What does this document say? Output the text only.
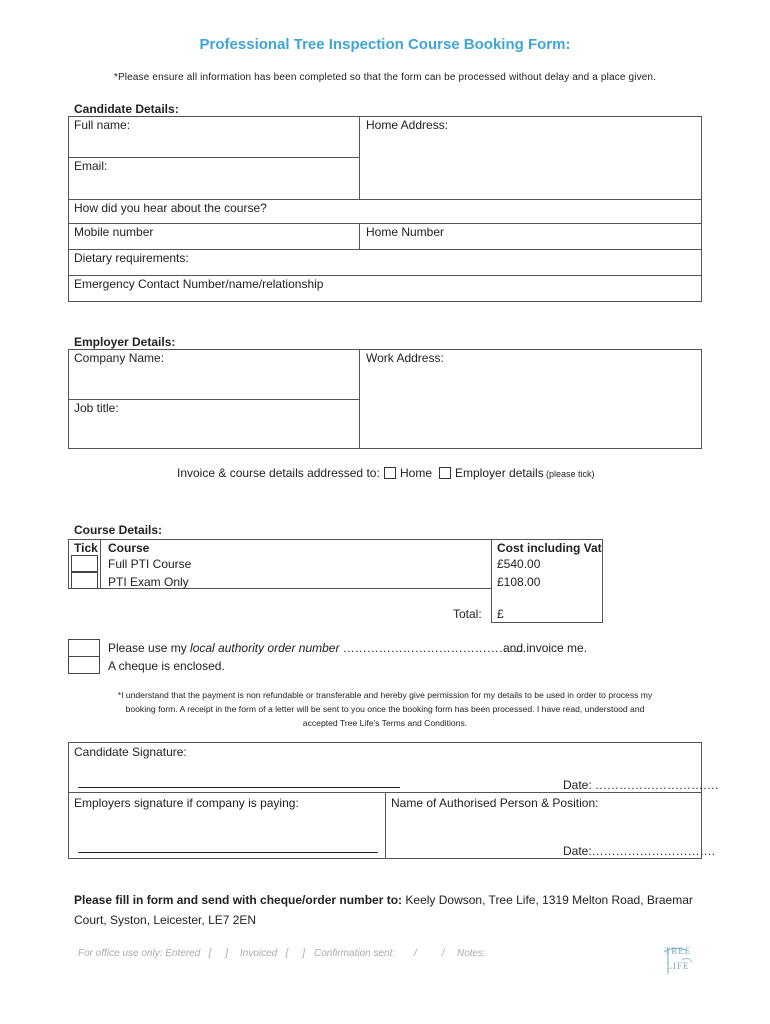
Professional Tree Inspection Course Booking Form:
*Please ensure all information has been completed so that the form can be processed without delay and a place given.
Candidate Details:
Full name:	Home Address:
Email:
How did you hear about the course?
Mobile number	Home Number
Dietary requirements:
Emergency Contact Number/name/relationship
Employer Details:
Company Name:	Work Address:
Job title:
Invoice & course details addressed to: Home Employer details (please tick)
Course Details:
Tick Course	Cost including Vat
Full PTI Course	£540.00
PTI Exam Only	£108.00
Total: £
Please use my local authority order number ……………………………………….
and invoice me.
A cheque is enclosed.
*I understand that the payment is non refundable or transferable and hereby give permission for my details to be used in order to process my
booking form. A receipt in the form of a letter will be sent to you once the booking form has been processed. I have read, understood and
accepted Tree Life's Terms and Conditions.
Candidate Signature:
Date: ………………………….
Employers signature if company is paying:	Name of Authorised Person & Position:
Date:………………………….
Please fill in form and send with cheque/order number to: Keely Dowson, Tree Life, 1319 Melton Road, Braemar
Court, Syston, Leicester, LE7 2EN
For office use only: Entered   [     ] Invoiced   [     ] Confirmation sent: /         / Notes:	TREE
LIFE
